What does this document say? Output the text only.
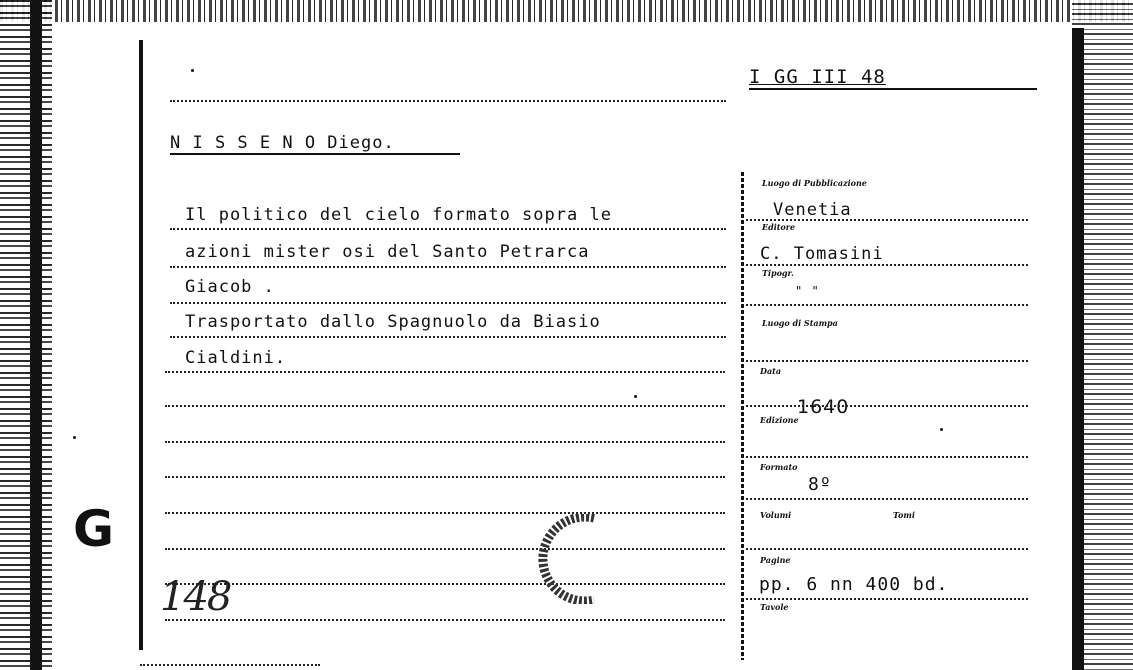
I GG III 48
N I S S E N O Diego.
Il politico del cielo formato sopra le
azioni mister osi del Santo Petrarca
Giacob .
Trasportato dallo Spagnuolo da Biasio
Cialdini.
G
148
Luogo di Pubblicazione
Venetia
Editore
C. Tomasini
Tipogr.
" "
Luogo di Stampa
Data
1640
Edizione
Formato
8º
Volumi	Tomi
Pagine
pp. 6 nn 400 bd.
Tavole
